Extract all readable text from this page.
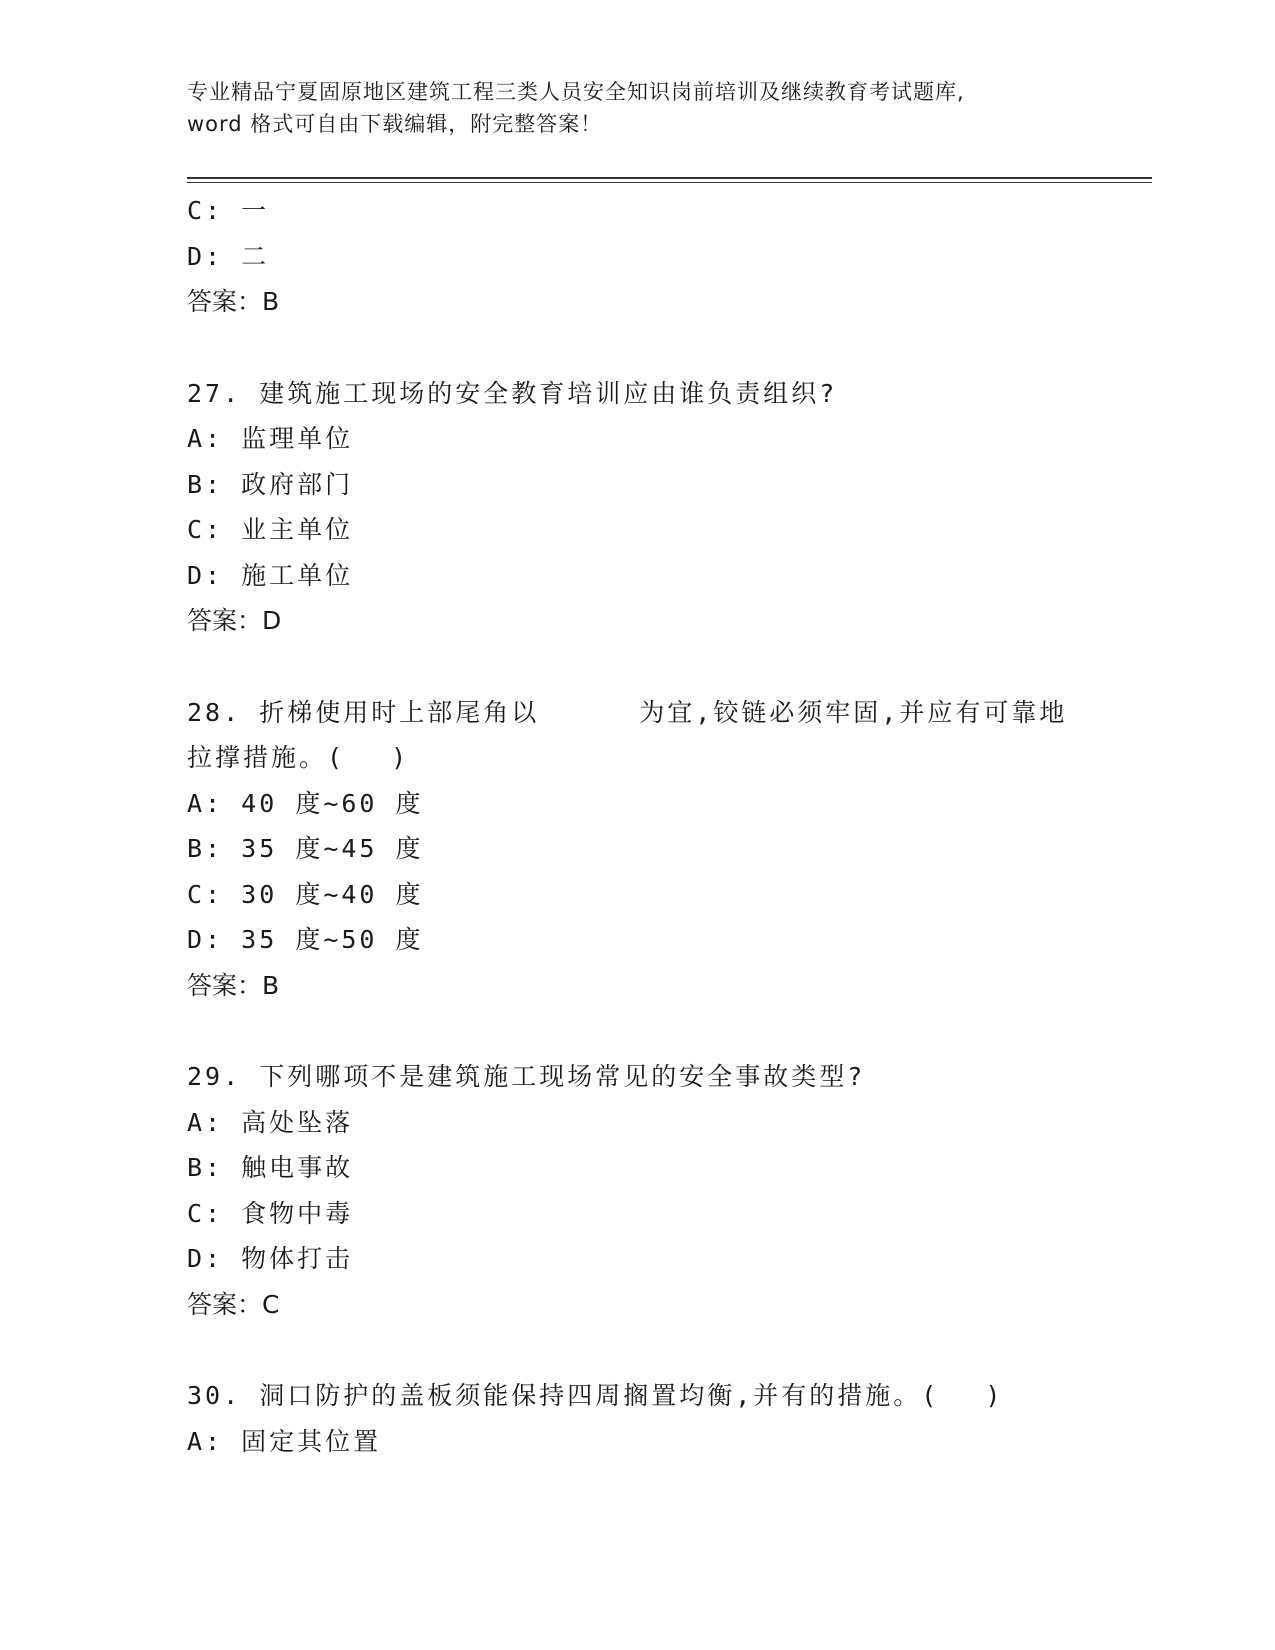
专业精品宁夏固原地区建筑工程三类人员安全知识岗前培训及继续教育考试题库,
word 格式可自由下载编辑，附完整答案！
C: 一
D: 二
答案：B
27. 建筑施工现场的安全教育培训应由谁负责组织?
A: 监理单位
B: 政府部门
C: 业主单位
D: 施工单位
答案：D
28. 折梯使用时上部尾角以	为宜,铰链必须牢固,并应有可靠地
拉撑措施。(　 )
A: 40 度~60 度
B: 35 度~45 度
C: 30 度~40 度
D: 35 度~50 度
答案：B
29. 下列哪项不是建筑施工现场常见的安全事故类型?
A: 高处坠落
B: 触电事故
C: 食物中毒
D: 物体打击
答案：C
30. 洞口防护的盖板须能保持四周搁置均衡,并有的措施。(　 )
A: 固定其位置
